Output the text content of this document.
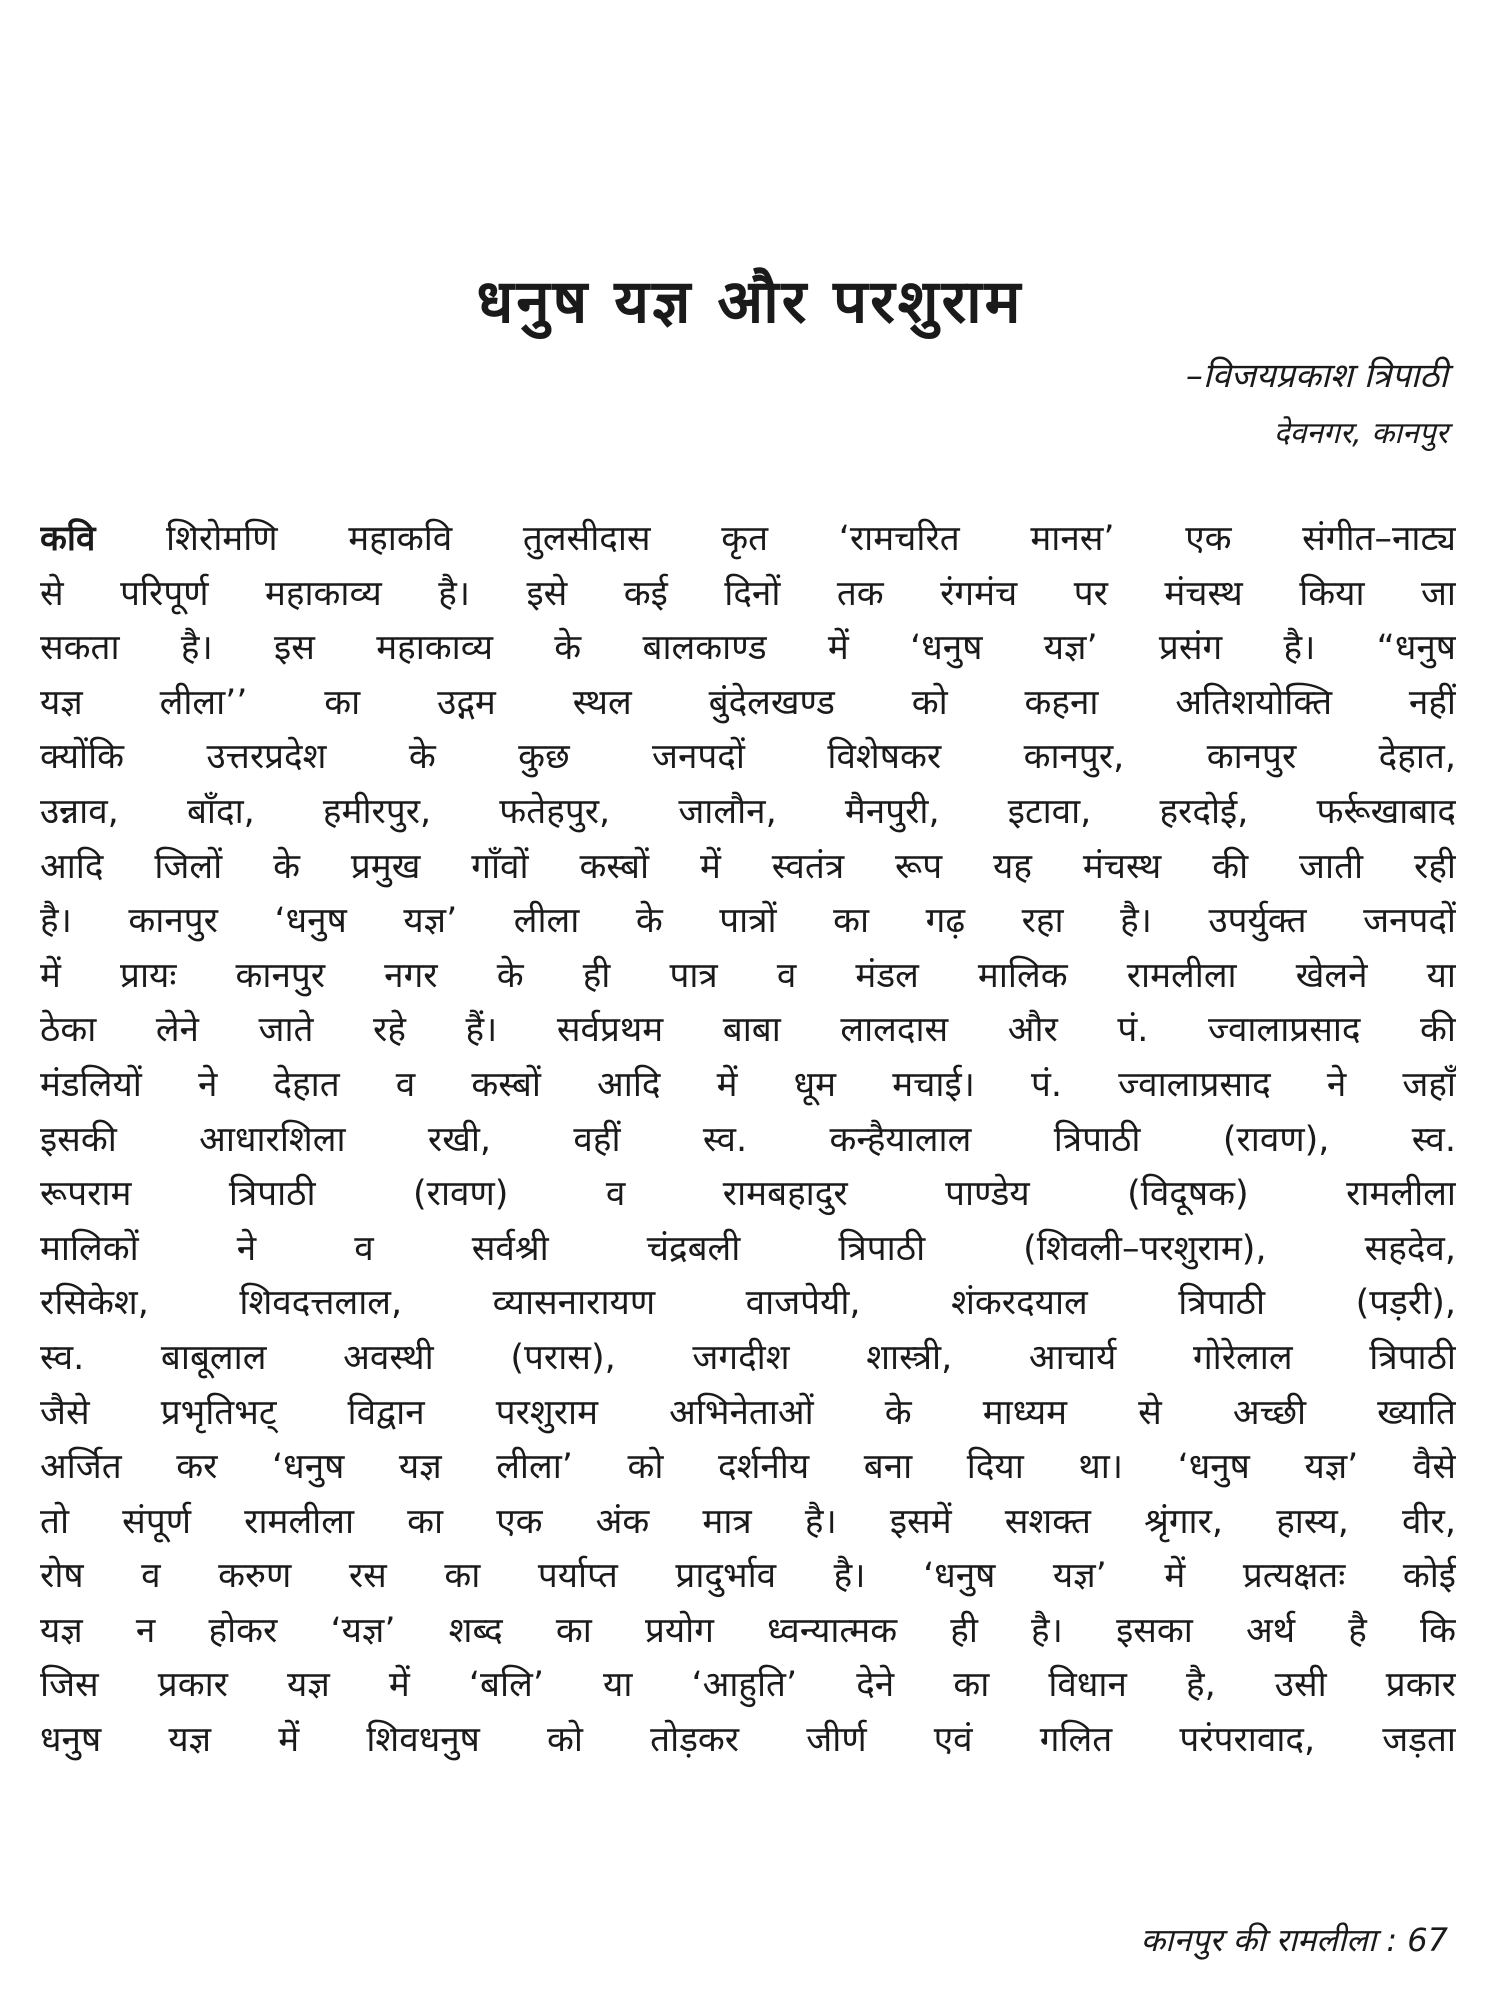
धनुष यज्ञ और परशुराम
–विजयप्रकाश त्रिपाठी
देवनगर, कानपुर
कवि शिरोमणि महाकवि तुलसीदास कृत ‘रामचरित मानस’ एक संगीत–नाट्य
से परिपूर्ण महाकाव्य है। इसे कई दिनों तक रंगमंच पर मंचस्थ किया जा
सकता है। इस महाकाव्य के बालकाण्ड में ‘धनुष यज्ञ’ प्रसंग है। “धनुष
यज्ञ लीला’’ का उद्गम स्थल बुंदेलखण्ड को कहना अतिशयोक्ति नहीं
क्योंकि उत्तरप्रदेश के कुछ जनपदों विशेषकर कानपुर, कानपुर देहात,
उन्नाव, बाँदा, हमीरपुर, फतेहपुर, जालौन, मैनपुरी, इटावा, हरदोई, फर्रूखाबाद
आदि जिलों के प्रमुख गाँवों कस्बों में स्वतंत्र रूप यह मंचस्थ की जाती रही
है। कानपुर ‘धनुष यज्ञ’ लीला के पात्रों का गढ़ रहा है। उपर्युक्त जनपदों
में प्रायः कानपुर नगर के ही पात्र व मंडल मालिक रामलीला खेलने या
ठेका लेने जाते रहे हैं। सर्वप्रथम बाबा लालदास और पं. ज्वालाप्रसाद की
मंडलियों ने देहात व कस्बों आदि में धूम मचाई। पं. ज्वालाप्रसाद ने जहाँ
इसकी आधारशिला रखी, वहीं स्व. कन्हैयालाल त्रिपाठी (रावण), स्व.
रूपराम त्रिपाठी (रावण) व रामबहादुर पाण्डेय (विदूषक) रामलीला
मालिकों ने व सर्वश्री चंद्रबली त्रिपाठी (शिवली–परशुराम), सहदेव,
रसिकेश, शिवदत्तलाल, व्यासनारायण वाजपेयी, शंकरदयाल त्रिपाठी (पड़री),
स्व. बाबूलाल अवस्थी (परास), जगदीश शास्त्री, आचार्य गोरेलाल त्रिपाठी
जैसे प्रभृतिभट् विद्वान परशुराम अभिनेताओं के माध्यम से अच्छी ख्याति
अर्जित कर ‘धनुष यज्ञ लीला’ को दर्शनीय बना दिया था। ‘धनुष यज्ञ’ वैसे
तो संपूर्ण रामलीला का एक अंक मात्र है। इसमें सशक्त श्रृंगार, हास्य, वीर,
रोष व करुण रस का पर्याप्त प्रादुर्भाव है। ‘धनुष यज्ञ’ में प्रत्यक्षतः कोई
यज्ञ न होकर ‘यज्ञ’ शब्द का प्रयोग ध्वन्यात्मक ही है। इसका अर्थ है कि
जिस प्रकार यज्ञ में ‘बलि’ या ‘आहुति’ देने का विधान है, उसी प्रकार
धनुष यज्ञ में शिवधनुष को तोड़कर जीर्ण एवं गलित परंपरावाद, जड़ता
कानपुर की रामलीला : 67
